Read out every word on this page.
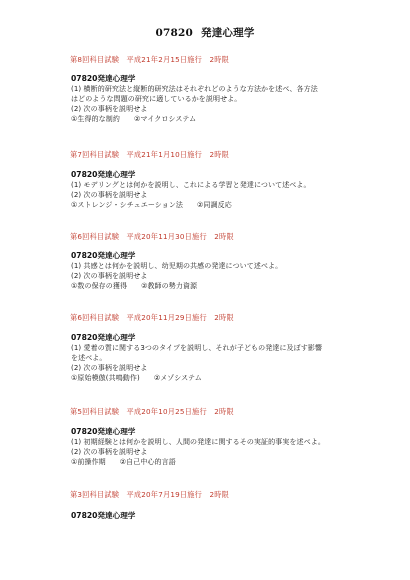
07820 発達心理学
第8回科目試験　平成21年2月15日施行　2時限
07820発達心理学
(1) 横断的研究法と縦断的研究法はそれぞれどのような方法かを述べ、各方法
はどのような問題の研究に適しているかを説明せよ。
(2) 次の事柄を説明せよ
①生得的な制約 ②マイクロシステム
第7回科目試験　平成21年1月10日施行　2時限
07820発達心理学
(1) モデリングとは何かを説明し、これによる学習と発達について述べよ。
(2) 次の事柄を説明せよ
①ストレンジ・シチュエーション法 ②同調反応
第6回科目試験　平成20年11月30日施行　2時限
07820発達心理学
(1) 共感とは何かを説明し、幼児期の共感の発達について述べよ。
(2) 次の事柄を説明せよ
①数の保存の獲得 ②教師の勢力資源
第6回科目試験　平成20年11月29日施行　2時限
07820発達心理学
(1) 愛着の質に関する3つのタイプを説明し、それが子どもの発達に及ぼす影響
を述べよ。
(2) 次の事柄を説明せよ
①原始模倣(共鳴動作) ②メゾシステム
第5回科目試験　平成20年10月25日施行　2時限
07820発達心理学
(1) 初期経験とは何かを説明し、人間の発達に関するその実証的事実を述べよ。
(2) 次の事柄を説明せよ
①前操作期 ②自己中心的言語
第3回科目試験　平成20年7月19日施行　2時限
07820発達心理学
